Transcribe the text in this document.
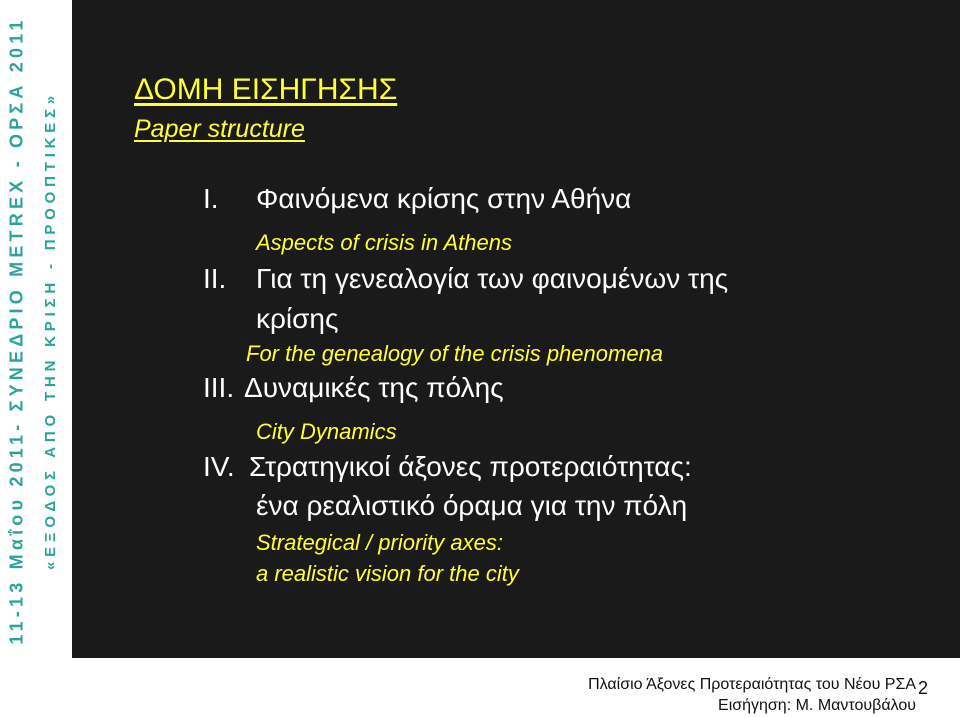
11-13 Μαΐου 2011- ΣΥΝΕΔΡΙΟ METREX - ΟΡΣΑ 2011 «ΕΞΟΔΟΣ ΑΠΟ ΤΗΝ ΚΡΙΣΗ - ΠΡΟΟΠΤΙΚΕΣ»
ΔΟΜΗ ΕΙΣΗΓΗΣΗΣ
Paper structure
I. Φαινόμενα κρίσης στην Αθήνα
Aspects of crisis in Athens
II. Για τη γενεαλογία των φαινομένων της
κρίσης
For the genealogy of the crisis phenomena
III. Δυναμικές της πόλης
City Dynamics
IV. Στρατηγικοί άξονες προτεραιότητας:
ένα ρεαλιστικό όραμα για την πόλη
Strategical / priority axes:
a realistic vision for the city
Πλαίσιο Άξονες Προτεραιότητας του Νέου ΡΣΑ
Εισήγηση: Μ. Μαντουβάλου
2
